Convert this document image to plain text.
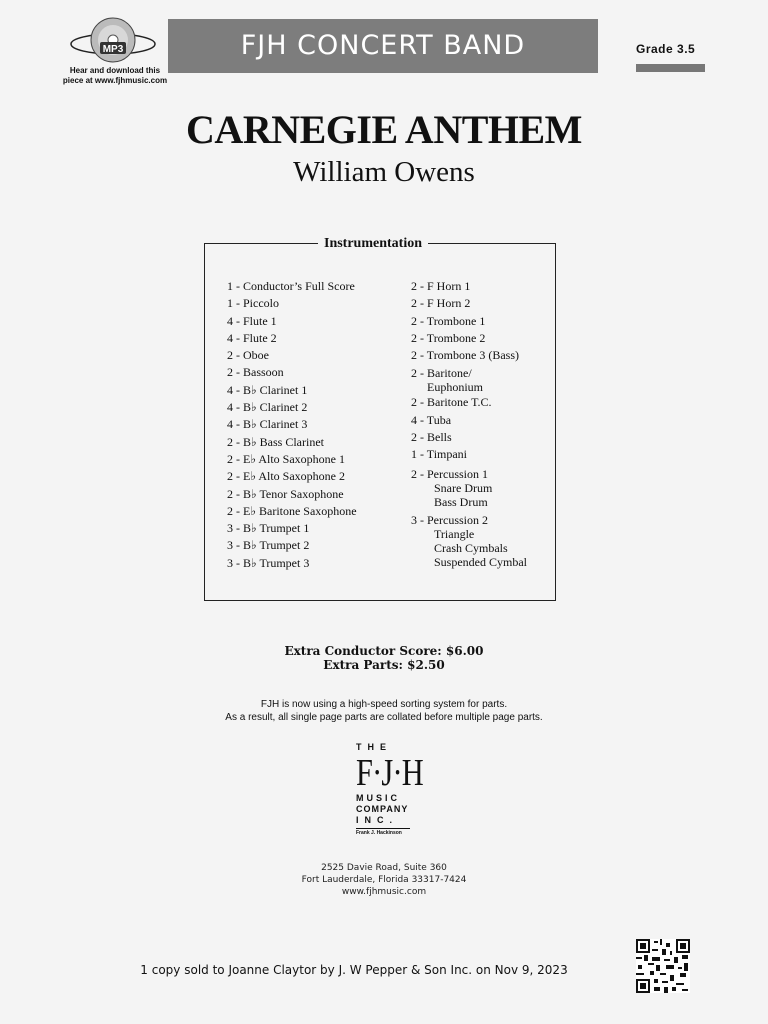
MP3
Hear and download this
piece at www.fjhmusic.com
FJH CONCERT BAND	Grade 3.5
CARNEGIE ANTHEM
William Owens
Instrumentation
1 - Conductor’s Full Score
1 - Piccolo
4 - Flute 1
4 - Flute 2
2 - Oboe
2 - Bassoon
4 - B♭ Clarinet 1
4 - B♭ Clarinet 2
4 - B♭ Clarinet 3
2 - B♭ Bass Clarinet
2 - E♭ Alto Saxophone 1
2 - E♭ Alto Saxophone 2
2 - B♭ Tenor Saxophone
2 - E♭ Baritone Saxophone
3 - B♭ Trumpet 1
3 - B♭ Trumpet 2
3 - B♭ Trumpet 3
2 - F Horn 1
2 - F Horn 2
2 - Trombone 1
2 - Trombone 2
2 - Trombone 3 (Bass)
2 - Baritone/
Euphonium
2 - Baritone T.C.
4 - Tuba
2 - Bells
1 - Timpani
2 - Percussion 1
Snare Drum
Bass Drum
3 - Percussion 2
Triangle
Crash Cymbals
Suspended Cymbal
Extra Conductor Score: $6.00
Extra Parts: $2.50
FJH is now using a high-speed sorting system for parts.
As a result, all single page parts are collated before multiple page parts.
THE
F·J·H
MUSIC
COMPANY
INC.
Frank J. Hackinson
2525 Davie Road, Suite 360
Fort Lauderdale, Florida 33317-7424
www.fjhmusic.com
1 copy sold to Joanne Claytor by J. W Pepper & Son Inc. on Nov 9, 2023
